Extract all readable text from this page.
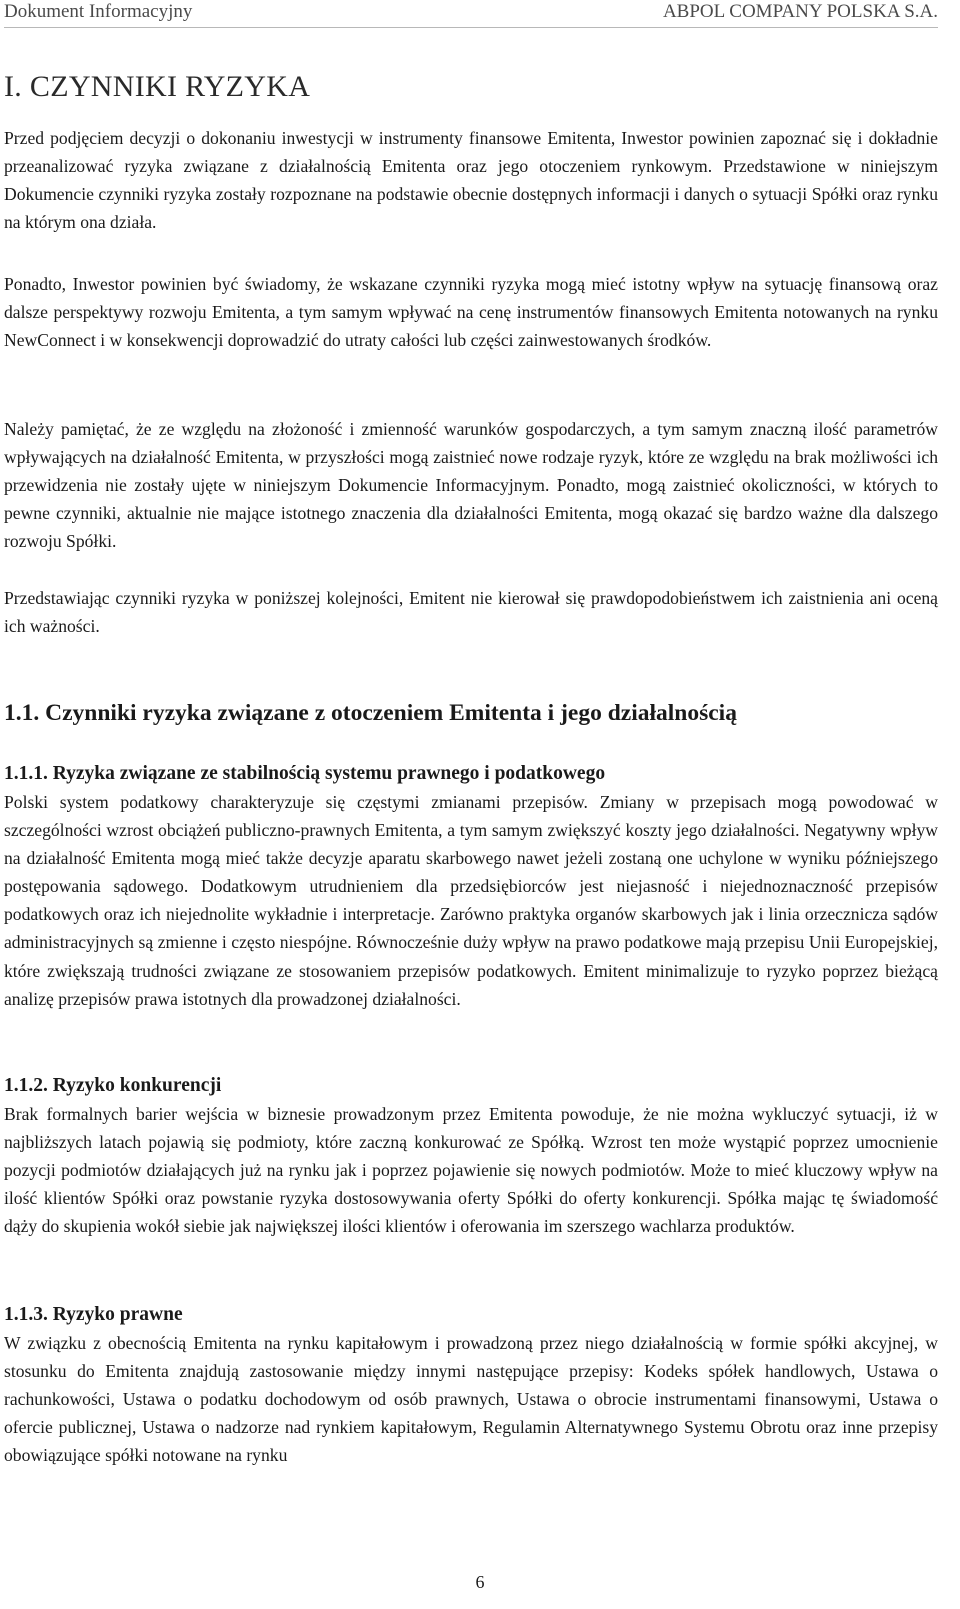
Dokument Informacyjny	ABPOL COMPANY POLSKA S.A.
I. CZYNNIKI RYZYKA

Przed podjęciem decyzji o dokonaniu inwestycji w instrumenty finansowe Emitenta, Inwestor powinien zapoznać się i dokładnie przeanalizować ryzyka związane z działalnością Emitenta oraz jego otoczeniem rynkowym. Przedstawione w niniejszym Dokumencie czynniki ryzyka zostały rozpoznane na podstawie obecnie dostępnych informacji i danych o sytuacji Spółki oraz rynku na którym ona działa.

Ponadto, Inwestor powinien być świadomy, że wskazane czynniki ryzyka mogą mieć istotny wpływ na sytuację finansową oraz dalsze perspektywy rozwoju Emitenta, a tym samym wpływać na cenę instrumentów finansowych Emitenta notowanych na rynku NewConnect i w konsekwencji doprowadzić do utraty całości lub części zainwestowanych środków.

Należy pamiętać, że ze względu na złożoność i zmienność warunków gospodarczych, a tym samym znaczną ilość parametrów wpływających na działalność Emitenta, w przyszłości mogą zaistnieć nowe rodzaje ryzyk, które ze względu na brak możliwości ich przewidzenia nie zostały ujęte w niniejszym Dokumencie Informacyjnym. Ponadto, mogą zaistnieć okoliczności, w których to pewne czynniki, aktualnie nie mające istotnego znaczenia dla działalności Emitenta, mogą okazać się bardzo ważne dla dalszego rozwoju Spółki.

Przedstawiając czynniki ryzyka w poniższej kolejności, Emitent nie kierował się prawdopodobieństwem ich zaistnienia ani oceną ich ważności.

1.1. Czynniki ryzyka związane z otoczeniem Emitenta i jego działalnością
1.1.1. Ryzyka związane ze stabilnością systemu prawnego i podatkowego

Polski system podatkowy charakteryzuje się częstymi zmianami przepisów. Zmiany w przepisach mogą powodować w szczególności wzrost obciążeń publiczno-prawnych Emitenta, a tym samym zwiększyć koszty jego działalności. Negatywny wpływ na działalność Emitenta mogą mieć także decyzje aparatu skarbowego nawet jeżeli zostaną one uchylone w wyniku późniejszego postępowania sądowego. Dodatkowym utrudnieniem dla przedsiębiorców jest niejasność i niejednoznaczność przepisów podatkowych oraz ich niejednolite wykładnie i interpretacje. Zarówno praktyka organów skarbowych jak i linia orzecznicza sądów administracyjnych są zmienne i często niespójne. Równocześnie duży wpływ na prawo podatkowe mają przepisu Unii Europejskiej, które zwiększają trudności związane ze stosowaniem przepisów podatkowych. Emitent minimalizuje to ryzyko poprzez bieżącą analizę przepisów prawa istotnych dla prowadzonej działalności.

1.1.2. Ryzyko konkurencji

Brak formalnych barier wejścia w biznesie prowadzonym przez Emitenta powoduje, że nie można wykluczyć sytuacji, iż w najbliższych latach pojawią się podmioty, które zaczną konkurować ze Spółką. Wzrost ten może wystąpić poprzez umocnienie pozycji podmiotów działających już na rynku jak i poprzez pojawienie się nowych podmiotów. Może to mieć kluczowy wpływ na ilość klientów Spółki oraz powstanie ryzyka dostosowywania oferty Spółki do oferty konkurencji. Spółka mając tę świadomość dąży do skupienia wokół siebie jak największej ilości klientów i oferowania im szerszego wachlarza produktów.

1.1.3. Ryzyko prawne

W związku z obecnością Emitenta na rynku kapitałowym i prowadzoną przez niego działalnością w formie spółki akcyjnej, w stosunku do Emitenta znajdują zastosowanie między innymi następujące przepisy: Kodeks spółek handlowych, Ustawa o rachunkowości, Ustawa o podatku dochodowym od osób prawnych, Ustawa o obrocie instrumentami finansowymi, Ustawa o ofercie publicznej, Ustawa o nadzorze nad rynkiem kapitałowym, Regulamin Alternatywnego Systemu Obrotu oraz inne przepisy obowiązujące spółki notowane na rynku

6
